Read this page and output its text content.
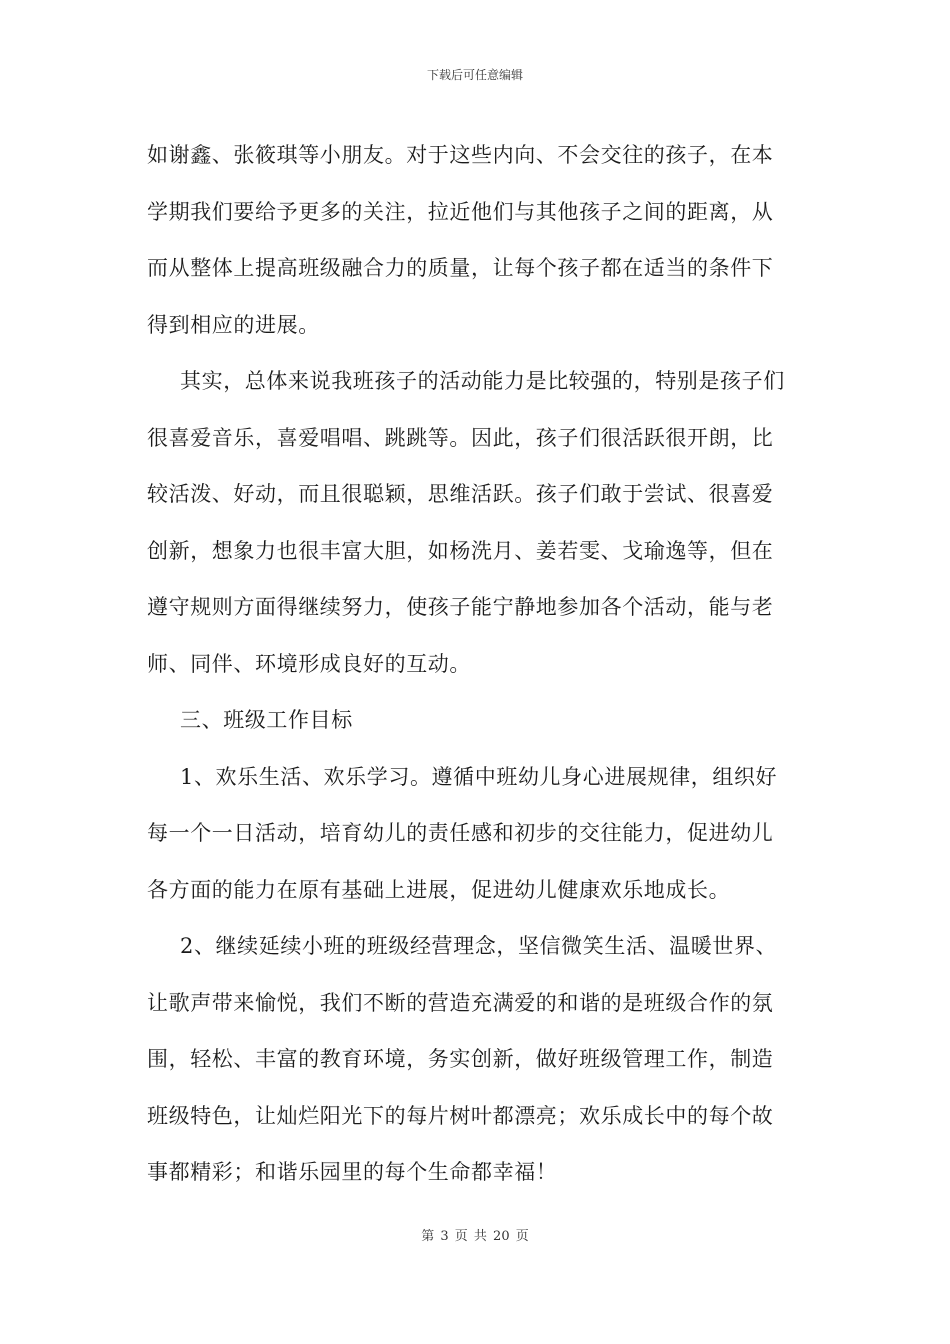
下载后可任意编辑
如谢鑫、张筱琪等小朋友。对于这些内向、不会交往的孩子，在本
学期我们要给予更多的关注，拉近他们与其他孩子之间的距离，从
而从整体上提高班级融合力的质量，让每个孩子都在适当的条件下
得到相应的进展。
其实，总体来说我班孩子的活动能力是比较强的，特别是孩子们
很喜爱音乐，喜爱唱唱、跳跳等。因此，孩子们很活跃很开朗，比
较活泼、好动，而且很聪颖，思维活跃。孩子们敢于尝试、很喜爱
创新，想象力也很丰富大胆，如杨洗月、姜若雯、戈瑜逸等，但在
遵守规则方面得继续努力，使孩子能宁静地参加各个活动，能与老
师、同伴、环境形成良好的互动。
三、班级工作目标
1、欢乐生活、欢乐学习。遵循中班幼儿身心进展规律，组织好
每一个一日活动，培育幼儿的责任感和初步的交往能力，促进幼儿
各方面的能力在原有基础上进展，促进幼儿健康欢乐地成长。
2、继续延续小班的班级经营理念，坚信微笑生活、温暖世界、
让歌声带来愉悦，我们不断的营造充满爱的和谐的是班级合作的氛
围，轻松、丰富的教育环境，务实创新，做好班级管理工作，制造
班级特色，让灿烂阳光下的每片树叶都漂亮；欢乐成长中的每个故
事都精彩；和谐乐园里的每个生命都幸福！
第 3 页 共 20 页
